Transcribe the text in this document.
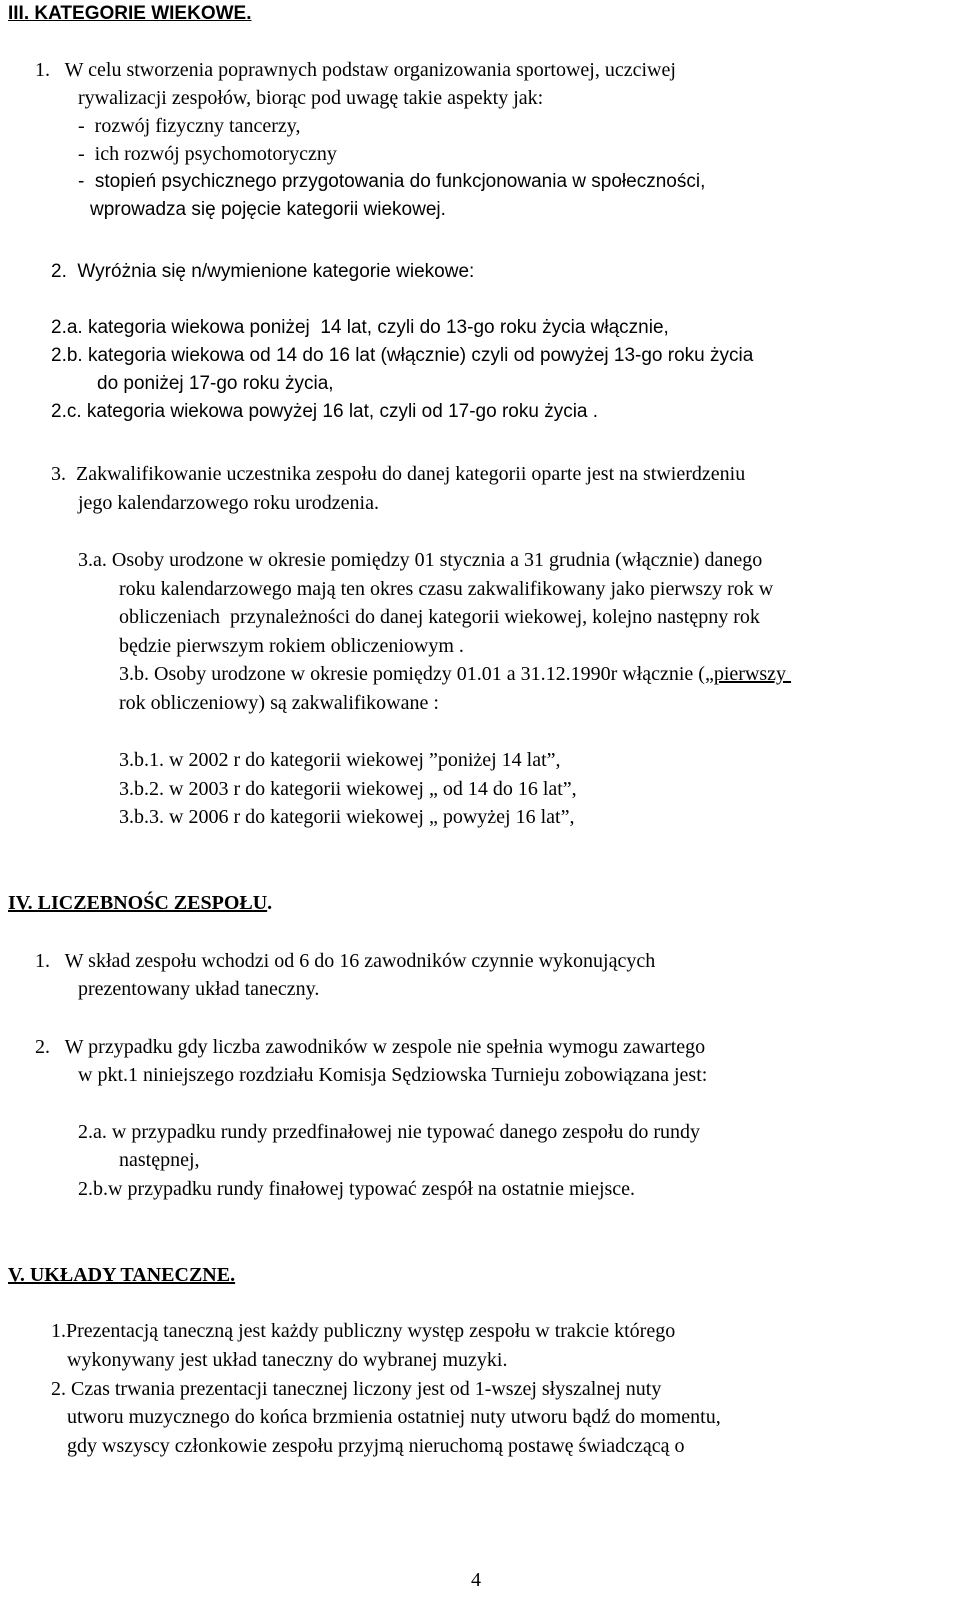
III. KATEGORIE WIEKOWE.
1.   W celu stworzenia poprawnych podstaw organizowania sportowej, uczciwej
rywalizacji zespołów, biorąc pod uwagę takie aspekty jak:
-  rozwój fizyczny tancerzy,
-  ich rozwój psychomotoryczny
-  stopień psychicznego przygotowania do funkcjonowania w społeczności,
wprowadza się pojęcie kategorii wiekowej.
2.  Wyróżnia się n/wymienione kategorie wiekowe:
2.a. kategoria wiekowa poniżej  14 lat, czyli do 13-go roku życia włącznie,
2.b. kategoria wiekowa od 14 do 16 lat (włącznie) czyli od powyżej 13-go roku życia
do poniżej 17-go roku życia,
2.c. kategoria wiekowa powyżej 16 lat, czyli od 17-go roku życia .
3.  Zakwalifikowanie uczestnika zespołu do danej kategorii oparte jest na stwierdzeniu
jego kalendarzowego roku urodzenia.
3.a. Osoby urodzone w okresie pomiędzy 01 stycznia a 31 grudnia (włącznie) danego
roku kalendarzowego mają ten okres czasu zakwalifikowany jako pierwszy rok w
obliczeniach  przynależności do danej kategorii wiekowej, kolejno następny rok
będzie pierwszym rokiem obliczeniowym .
3.b. Osoby urodzone w okresie pomiędzy 01.01 a 31.12.1990r włącznie („pierwszy
rok obliczeniowy) są zakwalifikowane :
3.b.1. w 2002 r do kategorii wiekowej ”poniżej 14 lat”,
3.b.2. w 2003 r do kategorii wiekowej „ od 14 do 16 lat”,
3.b.3. w 2006 r do kategorii wiekowej „ powyżej 16 lat”,
IV. LICZEBNOŚC ZESPOŁU.
1.   W skład zespołu wchodzi od 6 do 16 zawodników czynnie wykonujących
prezentowany układ taneczny.
2.   W przypadku gdy liczba zawodników w zespole nie spełnia wymogu zawartego
w pkt.1 niniejszego rozdziału Komisja Sędziowska Turnieju zobowiązana jest:
2.a. w przypadku rundy przedfinałowej nie typować danego zespołu do rundy
następnej,
2.b.w przypadku rundy finałowej typować zespół na ostatnie miejsce.
V. UKŁADY TANECZNE.
1.Prezentacją taneczną jest każdy publiczny występ zespołu w trakcie którego
wykonywany jest układ taneczny do wybranej muzyki.
2. Czas trwania prezentacji tanecznej liczony jest od 1-wszej słyszalnej nuty
utworu muzycznego do końca brzmienia ostatniej nuty utworu bądź do momentu,
gdy wszyscy członkowie zespołu przyjmą nieruchomą postawę świadczącą o
4
